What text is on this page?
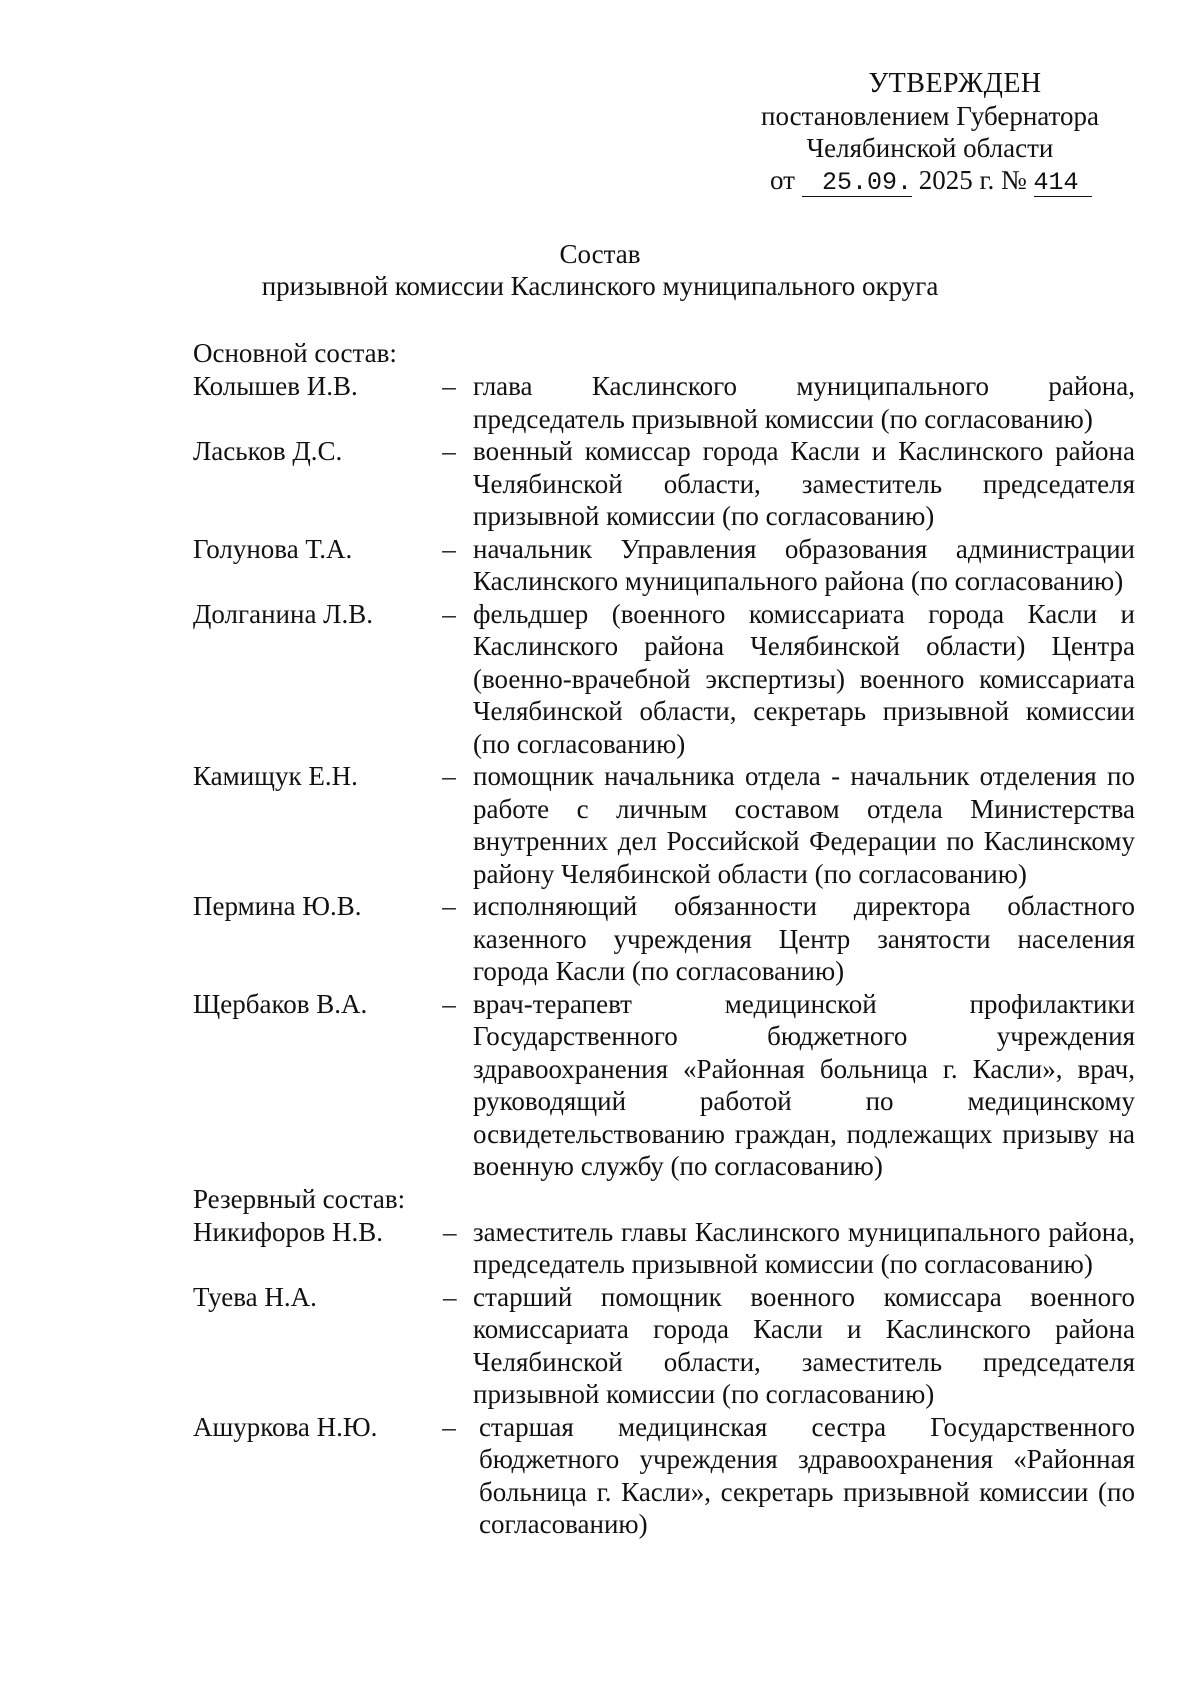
УТВЕРЖДЕН
постановлением Губернатора
Челябинской области
от 25.09. 2025 г. № 414
Состав
призывной комиссии Каслинского муниципального округа
Основной состав:
Колышев И.В.	– глава Каслинского муниципального района, председатель призывной комиссии (по согласованию)
Ласьков Д.С.	– военный комиссар города Касли и Каслинского района Челябинской области, заместитель председателя призывной комиссии (по согласованию)
Голунова Т.А.	– начальник Управления образования администрации Каслинского муниципального района (по согласованию)
Долганина Л.В.	– фельдшер (военного комиссариата города Касли и Каслинского района Челябинской области) Центра (военно-врачебной экспертизы) военного комиссариата Челябинской области, секретарь призывной комиссии (по согласованию)
Камищук Е.Н.	– помощник начальника отдела - начальник отделения по работе с личным составом отдела Министерства внутренних дел Российской Федерации по Каслинскому району Челябинской области (по согласованию)
Пермина Ю.В.	– исполняющий обязанности директора областного казенного учреждения Центр занятости населения города Касли (по согласованию)
Щербаков В.А.	– врач-терапевт медицинской профилактики Государственного бюджетного учреждения здравоохранения «Районная больница г. Касли», врач, руководящий работой по медицинскому освидетельствованию граждан, подлежащих призыву на военную службу (по согласованию)
Резервный состав:
Никифоров Н.В.	– заместитель главы Каслинского муниципального района, председатель призывной комиссии (по согласованию)
Туева Н.А.	– старший помощник военного комиссара военного комиссариата города Касли и Каслинского района Челябинской области, заместитель председателя призывной комиссии (по согласованию)
Ашуркова Н.Ю.	– старшая медицинская сестра Государственного бюджетного учреждения здравоохранения «Районная больница г. Касли», секретарь призывной комиссии (по согласованию)
